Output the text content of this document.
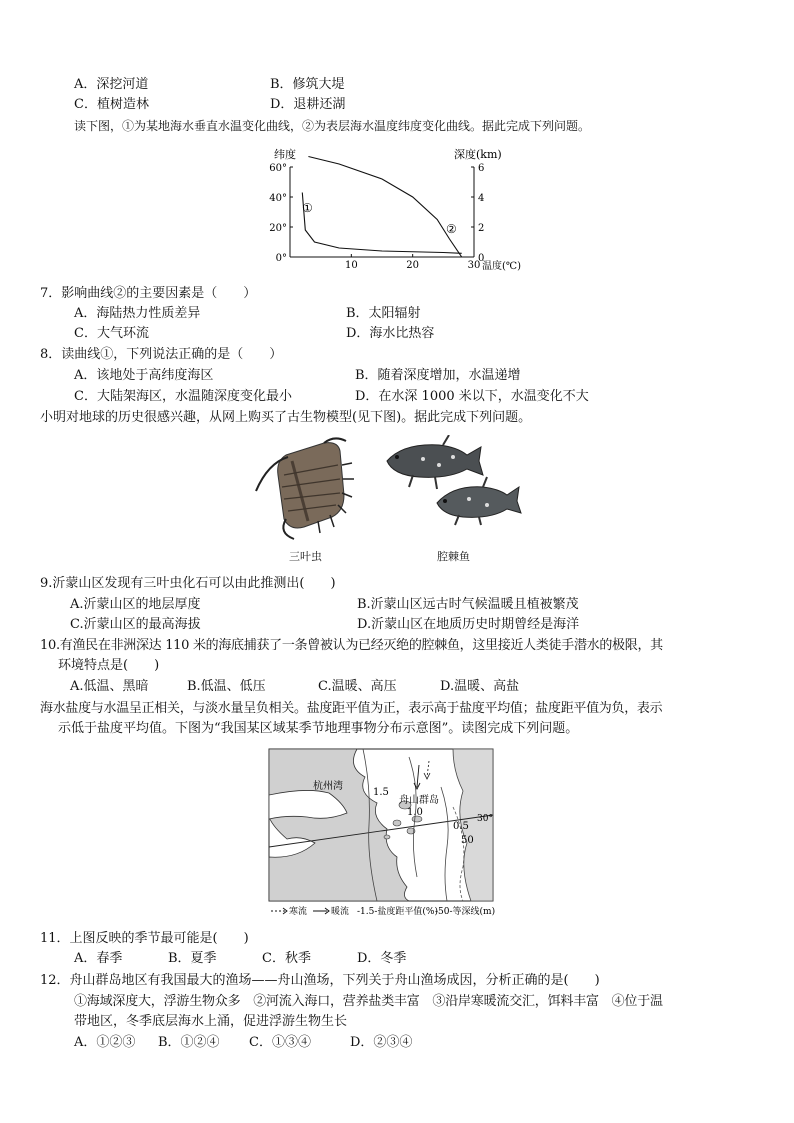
A．深挖河道	B．修筑大堤
C．植树造林	D．退耕还湖
读下图，①为某地海水垂直水温变化曲线，②为表层海水温度纬度变化曲线。据此完成下列问题。
纬度	深度(km)
60°
40°
20°
0°
6
4
2
0
10	20	30 温度(℃)
①
②
7．影响曲线②的主要因素是（　　）
A．海陆热力性质差异	B．太阳辐射
C．大气环流	D．海水比热容
8．读曲线①，下列说法正确的是（　　）
A．该地处于高纬度海区	B．随着深度增加，水温递增
C．大陆架海区，水温随深度变化最小	D．在水深 1000 米以下，水温变化不大
小明对地球的历史很感兴趣，从网上购买了古生物模型(见下图)。据此完成下列问题。
三叶虫	腔棘鱼
9.沂蒙山区发现有三叶虫化石可以由此推测出(　　)
A.沂蒙山区的地层厚度	B.沂蒙山区远古时气候温暖且植被繁茂
C.沂蒙山区的最高海拔	D.沂蒙山区在地质历史时期曾经是海洋
10.有渔民在非洲深达 110 米的海底捕获了一条曾被认为已经灭绝的腔棘鱼，这里接近人类徒手潜水的极限，其
环境特点是(　　)
A.低温、黑暗	B.低温、低压	C.温暖、高压	D.温暖、高盐
海水盐度与水温呈正相关，与淡水量呈负相关。盐度距平值为正，表示高于盐度平均值；盐度距平值为负，表示
示低于盐度平均值。下图为“我国某区域某季节地理事物分布示意图”。读图完成下列问题。
杭州湾
舟山群岛
1.5
1.0
0.5
50
30°
寒流	暖流 -1.5-盐度距平值(%)
-50-等深线(m)
11．上图反映的季节最可能是(　　)
A．春季	B．夏季	C．秋季	D．冬季
12．舟山群岛地区有我国最大的渔场——舟山渔场，下列关于舟山渔场成因，分析正确的是(　　)
①海域深度大，浮游生物众多　②河流入海口，营养盐类丰富　③沿岸寒暖流交汇，饵料丰富　④位于温
带地区，冬季底层海水上涌，促进浮游生物生长
A．①②③ B．①②④ C．①③④	D．②③④
